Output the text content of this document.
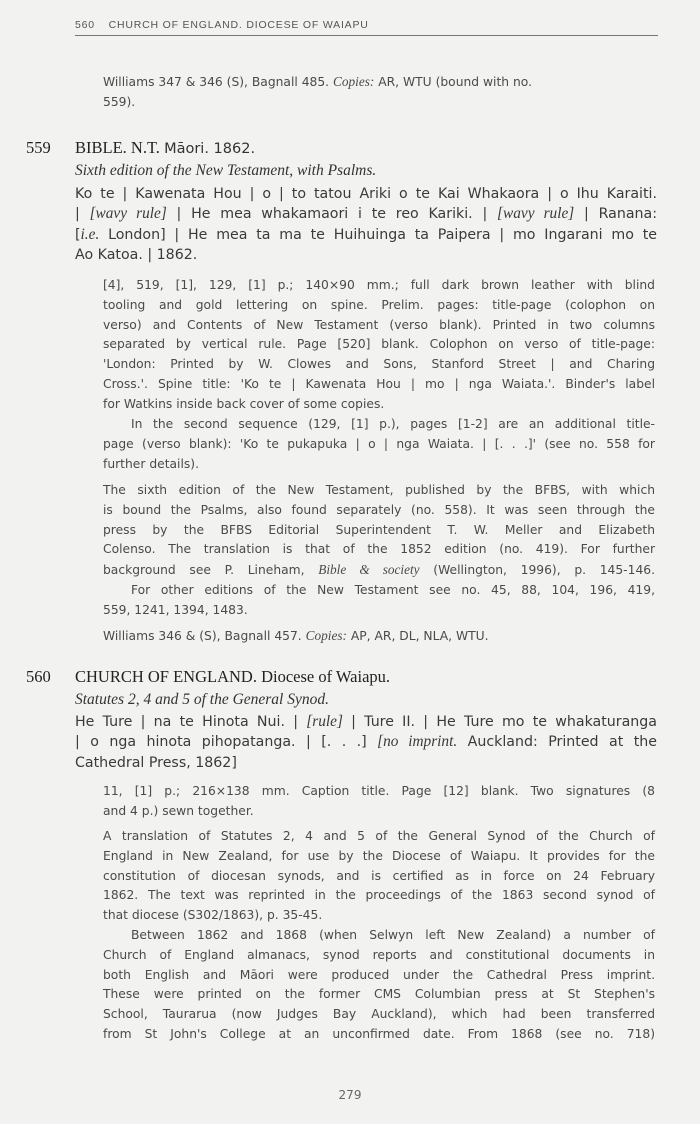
560 CHURCH OF ENGLAND. DIOCESE OF WAIAPU
Williams 347 & 346 (S), Bagnall 485. Copies: AR, WTU (bound with no.
559).
559 BIBLE. N.T. Māori. 1862.
Sixth edition of the New Testament, with Psalms.
Ko te | Kawenata Hou | o | to tatou Ariki o te Kai Whakaora | o Ihu Karaiti.
| [wavy rule] | He mea whakamaori i te reo Kariki. | [wavy rule] | Ranana:
[i.e. London] | He mea ta ma te Huihuinga ta Paipera | mo Ingarani mo te
Ao Katoa. | 1862.
[4], 519, [1], 129, [1] p.; 140×90 mm.; full dark brown leather with blind
tooling and gold lettering on spine. Prelim. pages: title-page (colophon on
verso) and Contents of New Testament (verso blank). Printed in two columns
separated by vertical rule. Page [520] blank. Colophon on verso of title-page:
'London: Printed by W. Clowes and Sons, Stanford Street | and Charing
Cross.'. Spine title: 'Ko te | Kawenata Hou | mo | nga Waiata.'. Binder's label
for Watkins inside back cover of some copies.
In the second sequence (129, [1] p.), pages [1-2] are an additional title-
page (verso blank): 'Ko te pukapuka | o | nga Waiata. | [. . .]' (see no. 558 for
further details).
The sixth edition of the New Testament, published by the BFBS, with which
is bound the Psalms, also found separately (no. 558). It was seen through the
press by the BFBS Editorial Superintendent T. W. Meller and Elizabeth
Colenso. The translation is that of the 1852 edition (no. 419). For further
background see P. Lineham, Bible & society (Wellington, 1996), p. 145-146.
For other editions of the New Testament see no. 45, 88, 104, 196, 419,
559, 1241, 1394, 1483.
Williams 346 & (S), Bagnall 457. Copies: AP, AR, DL, NLA, WTU.
560 CHURCH OF ENGLAND. Diocese of Waiapu.
Statutes 2, 4 and 5 of the General Synod.
He Ture | na te Hinota Nui. | [rule] | Ture II. | He Ture mo te whakaturanga
| o nga hinota pihopatanga. | [. . .] [no imprint. Auckland: Printed at the
Cathedral Press, 1862]
11, [1] p.; 216×138 mm. Caption title. Page [12] blank. Two signatures (8
and 4 p.) sewn together.
A translation of Statutes 2, 4 and 5 of the General Synod of the Church of
England in New Zealand, for use by the Diocese of Waiapu. It provides for the
constitution of diocesan synods, and is certified as in force on 24 February
1862. The text was reprinted in the proceedings of the 1863 second synod of
that diocese (S302/1863), p. 35-45.
Between 1862 and 1868 (when Selwyn left New Zealand) a number of
Church of England almanacs, synod reports and constitutional documents in
both English and Māori were produced under the Cathedral Press imprint.
These were printed on the former CMS Columbian press at St Stephen's
School, Taurarua (now Judges Bay Auckland), which had been transferred
from St John's College at an unconfirmed date. From 1868 (see no. 718)
279
